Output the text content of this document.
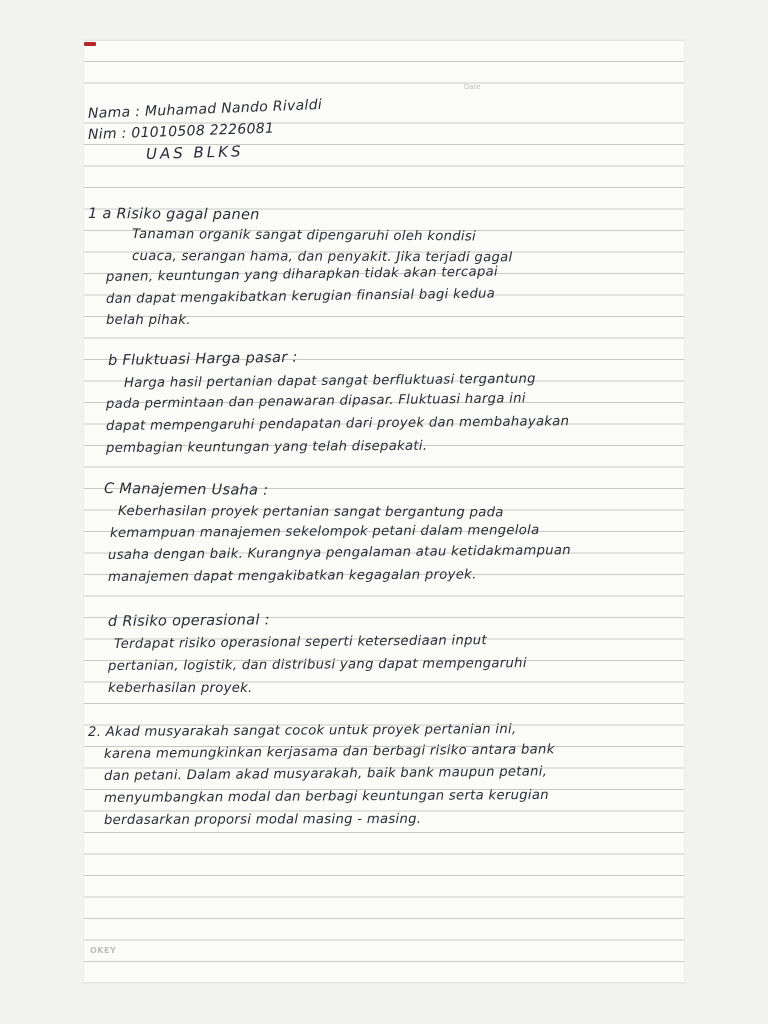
Date
Nama : Muhamad Nando Rivaldi
Nim : 01010508 2226081
UAS BLKS
1 a Risiko gagal panen
Tanaman organik sangat dipengaruhi oleh kondisi
cuaca, serangan hama, dan penyakit. Jika terjadi gagal
panen, keuntungan yang diharapkan tidak akan tercapai
dan dapat mengakibatkan kerugian finansial bagi kedua
belah pihak.
b Fluktuasi Harga pasar :
Harga hasil pertanian dapat sangat berfluktuasi tergantung
pada permintaan dan penawaran dipasar. Fluktuasi harga ini
dapat mempengaruhi pendapatan dari proyek dan membahayakan
pembagian keuntungan yang telah disepakati.
C Manajemen Usaha :
Keberhasilan proyek pertanian sangat bergantung pada
kemampuan manajemen sekelompok petani dalam mengelola
usaha dengan baik. Kurangnya pengalaman atau ketidakmampuan
manajemen dapat mengakibatkan kegagalan proyek.
d Risiko operasional :
Terdapat risiko operasional seperti ketersediaan input
pertanian, logistik, dan distribusi yang dapat mempengaruhi
keberhasilan proyek.
2. Akad musyarakah sangat cocok untuk proyek pertanian ini,
karena memungkinkan kerjasama dan berbagi risiko antara bank
dan petani. Dalam akad musyarakah, baik bank maupun petani,
menyumbangkan modal dan berbagi keuntungan serta kerugian
berdasarkan proporsi modal masing - masing.
OKEY
